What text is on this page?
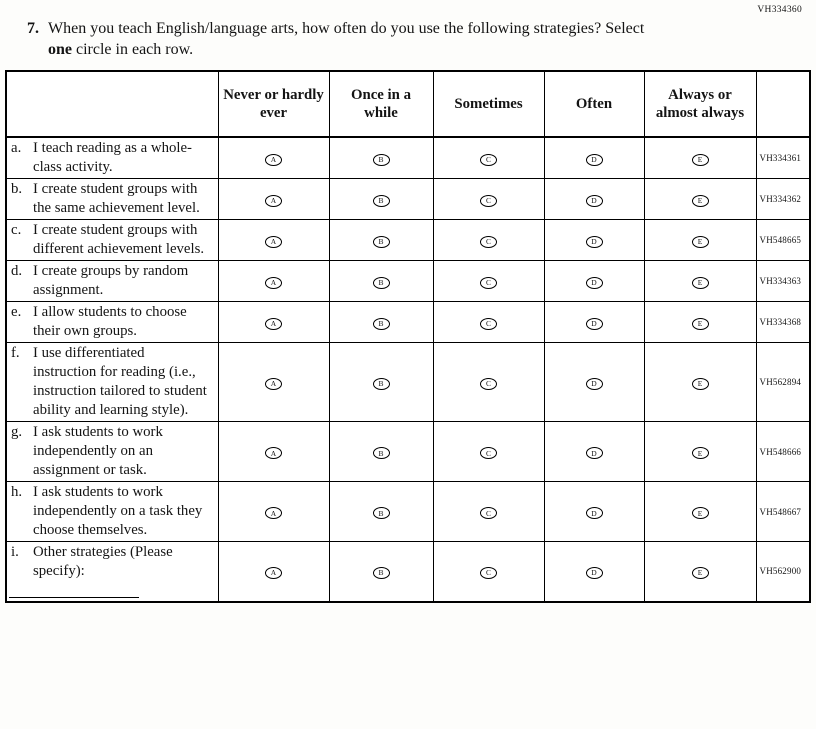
VH334360
7. When you teach English/language arts, how often do you use the following strategies? Select one circle in each row.

	Never or hardly ever	Once in a while	Sometimes	Often	Always or almost always	

a. I teach reading as a whole-class activity.	A	B	C	D	E	VH334361

b. I create student groups with the same achievement level.	A	B	C	D	E	VH334362

c. I create student groups with different achievement levels.	A	B	C	D	E	VH548665

d. I create groups by random assignment.	A	B	C	D	E	VH334363

e. I allow students to choose their own groups.	A	B	C	D	E	VH334368

f. I use differentiated instruction for reading (i.e., instruction tailored to student ability and learning style).	A	B	C	D	E	VH562894

g. I ask students to work independently on an assignment or task.	A	B	C	D	E	VH548666

h. I ask students to work independently on a task they choose themselves.	A	B	C	D	E	VH548667

i. Other strategies (Please specify):	A	B	C	D	E	VH562900
